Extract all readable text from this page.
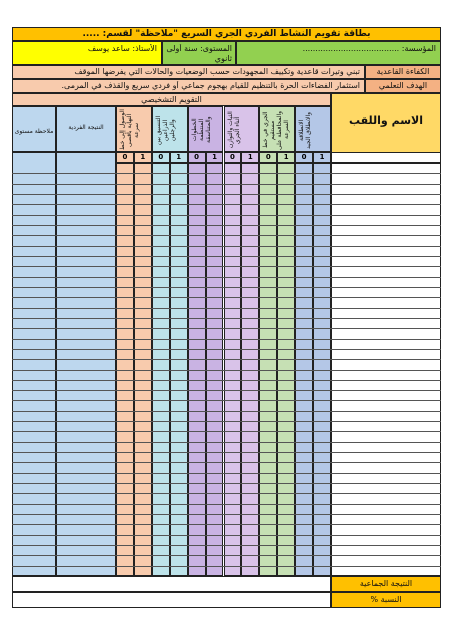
بطاقة تقويم النشاط الفردي الجري السريع "ملاحظة" لقسم: .....
المؤسسة: ......................................
المستوى: سنة أولى ثانوي
الأستاذ: ساعد يوسف
الكفاءة القاعدية
تبني وتيرات قاعدية وتكييف المجهودات حسب الوضعيات والحالات التي يفرضها الموقف
الهدف التعلمي
استثمار الفضاءات الحرة بالتنظيم للقيام بهجوم جماعي أو فردي سريع والقذف في المرمى.
التقويم التشخيصي
الاسم واللقب
ملاحظة مستوى
النتيجة الفردية	الانطلاقة والانطلاق الجيد
1
0
الجري في خط مستقيم والمحافظة على السرعة
1
0
الثبات والتوازن أثناء الجري
1
0
الخطوات المنتظمة والمتناسقة
1
0
التنسيق بين الذراعين والرجلين
1
0
الوصول إلى خط النهاية بأقصى سرعة
1
0
النتيجة الجماعية
النسبة %
